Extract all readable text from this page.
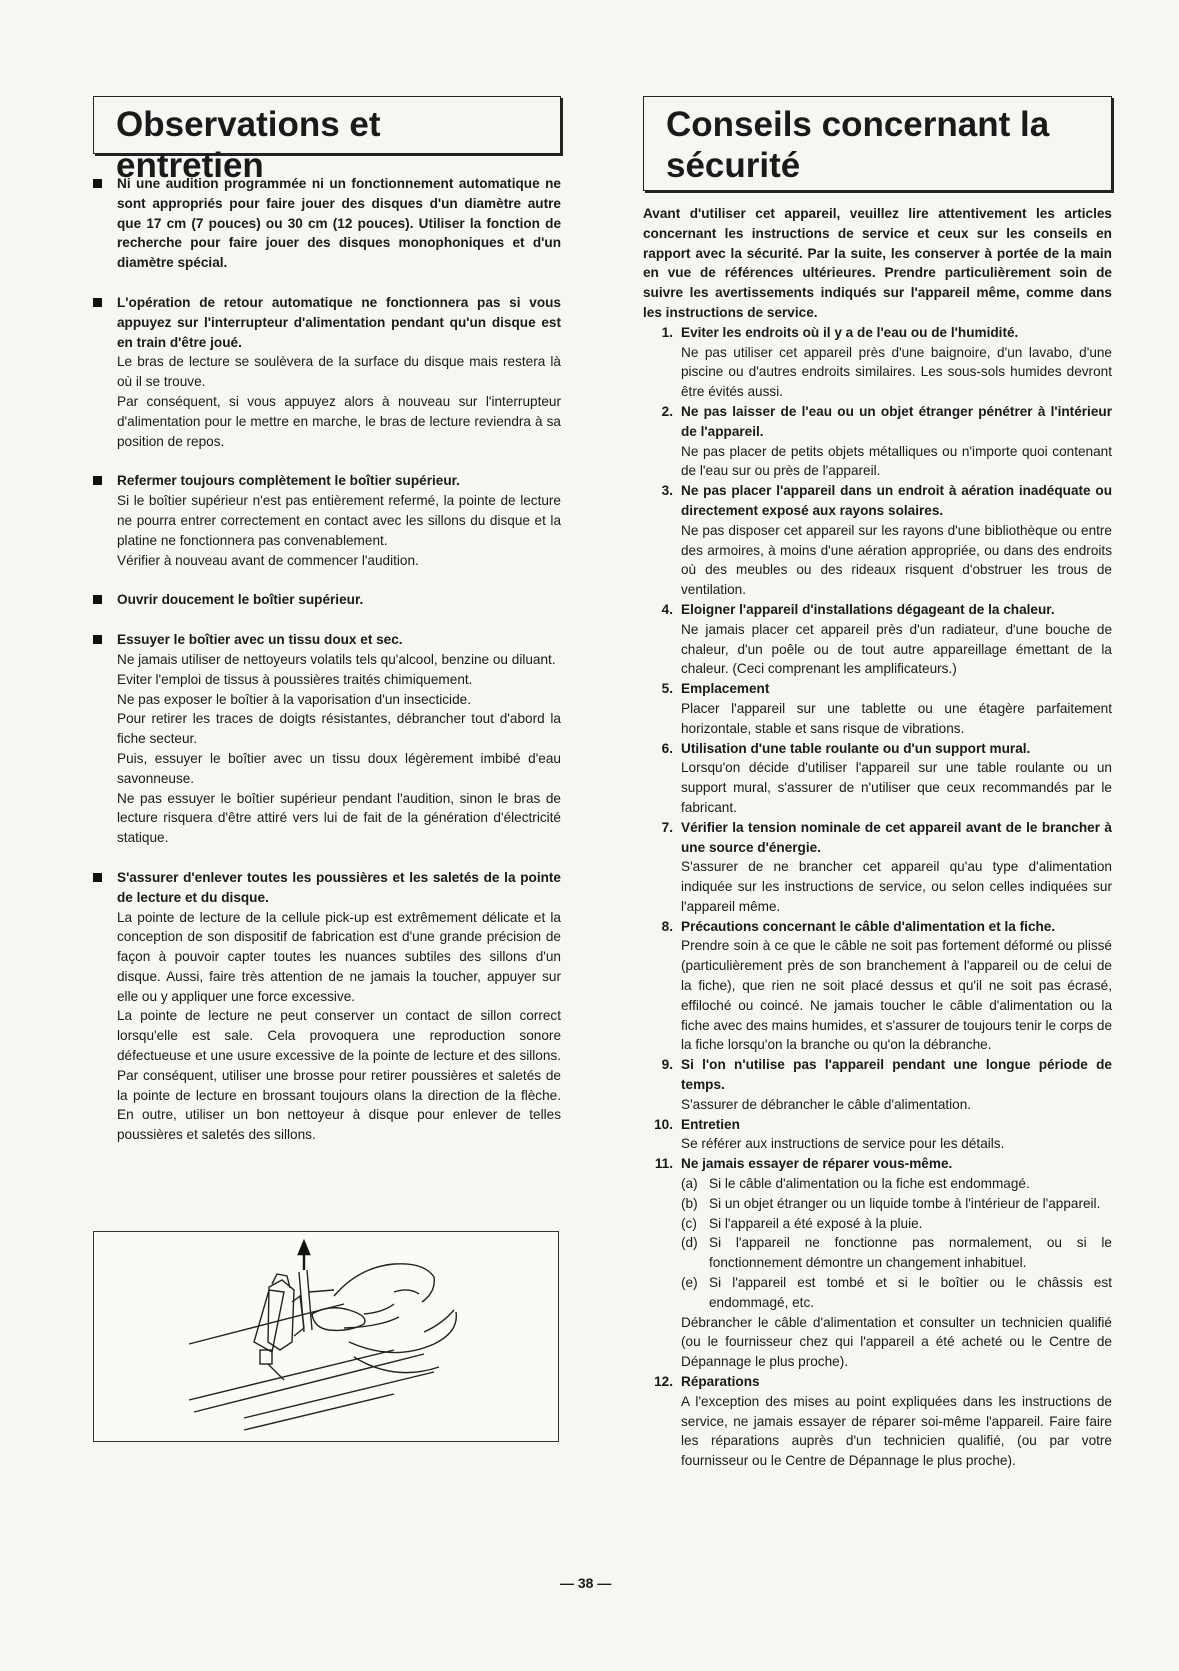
Observations et entretien
Ni une audition programmée ni un fonctionnement automatique ne sont appropriés pour faire jouer des disques d'un diamètre autre que 17 cm (7 pouces) ou 30 cm (12 pouces). Utiliser la fonction de recherche pour faire jouer des disques monophoniques et d'un diamètre spécial.
L'opération de retour automatique ne fonctionnera pas si vous appuyez sur l'interrupteur d'alimentation pendant qu'un disque est en train d'être joué.
Le bras de lecture se soulèvera de la surface du disque mais restera là où il se trouve.
Par conséquent, si vous appuyez alors à nouveau sur l'interrupteur d'alimentation pour le mettre en marche, le bras de lecture reviendra à sa position de repos.
Refermer toujours complètement le boîtier supérieur.
Si le boîtier supérieur n'est pas entièrement refermé, la pointe de lecture ne pourra entrer correctement en contact avec les sillons du disque et la platine ne fonctionnera pas convenablement.
Vérifier à nouveau avant de commencer l'audition.
Ouvrir doucement le boîtier supérieur.
Essuyer le boîtier avec un tissu doux et sec.
Ne jamais utiliser de nettoyeurs volatils tels qu'alcool, benzine ou diluant.
Eviter l'emploi de tissus à poussières traités chimiquement.
Ne pas exposer le boîtier à la vaporisation d'un insecticide.
Pour retirer les traces de doigts résistantes, débrancher tout d'abord la fiche secteur.
Puis, essuyer le boîtier avec un tissu doux légèrement imbibé d'eau savonneuse.
Ne pas essuyer le boîtier supérieur pendant l'audition, sinon le bras de lecture risquera d'être attiré vers lui de fait de la génération d'électricité statique.
S'assurer d'enlever toutes les poussières et les saletés de la pointe de lecture et du disque.
La pointe de lecture de la cellule pick-up est extrêmement délicate et la conception de son dispositif de fabrication est d'une grande précision de façon à pouvoir capter toutes les nuances subtiles des sillons d'un disque. Aussi, faire très attention de ne jamais la toucher, appuyer sur elle ou y appliquer une force excessive.
La pointe de lecture ne peut conserver un contact de sillon correct lorsqu'elle est sale. Cela provoquera une reproduction sonore défectueuse et une usure excessive de la pointe de lecture et des sillons. Par conséquent, utiliser une brosse pour retirer poussières et saletés de la pointe de lecture en brossant toujours olans la direction de la flèche. En outre, utiliser un bon nettoyeur à disque pour enlever de telles poussières et saletés des sillons.
Conseils concernant la sécurité
Avant d'utiliser cet appareil, veuillez lire attentivement les articles concernant les instructions de service et ceux sur les conseils en rapport avec la sécurité. Par la suite, les conserver à portée de la main en vue de références ultérieures. Prendre particulièrement soin de suivre les avertissements indiqués sur l'appareil même, comme dans les instructions de service.
1. Eviter les endroits où il y a de l'eau ou de l'humidité.
Ne pas utiliser cet appareil près d'une baignoire, d'un lavabo, d'une piscine ou d'autres endroits similaires. Les sous-sols humides devront être évités aussi.
2. Ne pas laisser de l'eau ou un objet étranger pénétrer à l'intérieur de l'appareil.
Ne pas placer de petits objets métalliques ou n'importe quoi contenant de l'eau sur ou près de l'appareil.
3. Ne pas placer l'appareil dans un endroit à aération inadéquate ou directement exposé aux rayons solaires.
Ne pas disposer cet appareil sur les rayons d'une bibliothèque ou entre des armoires, à moins d'une aération appropriée, ou dans des endroits où des meubles ou des rideaux risquent d'obstruer les trous de ventilation.
4. Eloigner l'appareil d'installations dégageant de la chaleur.
Ne jamais placer cet appareil près d'un radiateur, d'une bouche de chaleur, d'un poêle ou de tout autre appareillage émettant de la chaleur. (Ceci comprenant les amplificateurs.)
5. Emplacement
Placer l'appareil sur une tablette ou une étagère parfaitement horizontale, stable et sans risque de vibrations.
6. Utilisation d'une table roulante ou d'un support mural.
Lorsqu'on décide d'utiliser l'appareil sur une table roulante ou un support mural, s'assurer de n'utiliser que ceux recommandés par le fabricant.
7. Vérifier la tension nominale de cet appareil avant de le brancher à une source d'énergie.
S'assurer de ne brancher cet appareil qu'au type d'alimentation indiquée sur les instructions de service, ou selon celles indiquées sur l'appareil même.
8. Précautions concernant le câble d'alimentation et la fiche.
Prendre soin à ce que le câble ne soit pas fortement déformé ou plissé (particulièrement près de son branchement à l'appareil ou de celui de la fiche), que rien ne soit placé dessus et qu'il ne soit pas écrasé, effiloché ou coincé. Ne jamais toucher le câble d'alimentation ou la fiche avec des mains humides, et s'assurer de toujours tenir le corps de la fiche lorsqu'on la branche ou qu'on la débranche.
9. Si l'on n'utilise pas l'appareil pendant une longue période de temps.
S'assurer de débrancher le câble d'alimentation.
10. Entretien
Se référer aux instructions de service pour les détails.
11. Ne jamais essayer de réparer vous-même.
(a) Si le câble d'alimentation ou la fiche est endommagé.
(b) Si un objet étranger ou un liquide tombe à l'intérieur de l'appareil.
(c) Si l'appareil a été exposé à la pluie.
(d) Si l'appareil ne fonctionne pas normalement, ou si le fonctionnement démontre un changement inhabituel.
(e) Si l'appareil est tombé et si le boîtier ou le châssis est endommagé, etc.
Débrancher le câble d'alimentation et consulter un technicien qualifié (ou le fournisseur chez qui l'appareil a été acheté ou le Centre de Dépannage le plus proche).
12. Réparations
A l'exception des mises au point expliquées dans les instructions de service, ne jamais essayer de réparer soi-même l'appareil. Faire faire les réparations auprès d'un technicien qualifié, (ou par votre fournisseur ou le Centre de Dépannage le plus proche).
— 38 —
